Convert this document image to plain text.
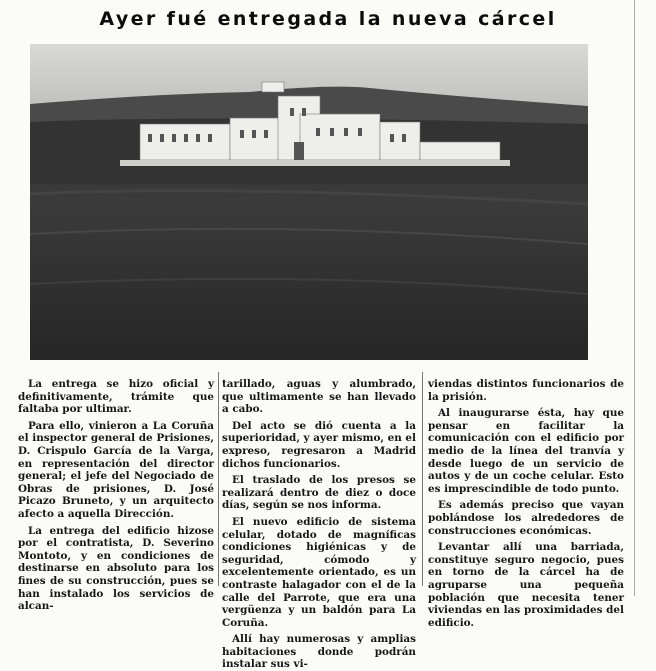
Ayer fué entregada la nueva cárcel

La entrega se hizo oficial y definitivamente, trámite que faltaba por ultimar.

Para ello, vinieron a La Coruña el inspector general de Prisiones, D. Crispulo García de la Varga, en representación del director general; el jefe del Negociado de Obras de prisiones, D. José Picazo Bruneto, y un arquitecto afecto a aquella Dirección.

La entrega del edificio hizose por el contratista, D. Severino Montoto, y en condiciones de destinarse en absoluto para los fines de su construcción, pues se han instalado los servicios de alcan-

tarillado, aguas y alumbrado, que ultimamente se han llevado a cabo.

Del acto se dió cuenta a la superioridad, y ayer mismo, en el expreso, regresaron a Madrid dichos funcionarios.

El traslado de los presos se realizará dentro de diez o doce días, según se nos informa.

El nuevo edificio de sistema celular, dotado de magníficas condiciones higiénicas y de seguridad, cómodo y excelentemente orientado, es un contraste halagador con el de la calle del Parrote, que era una vergüenza y un baldón para La Coruña.

Allí hay numerosas y amplias habitaciones donde podrán instalar sus vi-

viendas distintos funcionarios de la prisión.

Al inaugurarse ésta, hay que pensar en facilitar la comunicación con el edificio por medio de la línea del tranvía y desde luego de un servicio de autos y de un coche celular. Esto es imprescindible de todo punto.

Es además preciso que vayan poblándose los alrededores de construcciones económicas.

Levantar allí una barriada, constituye seguro negocio, pues en torno de la cárcel ha de agruparse una pequeña población que necesita tener viviendas en las proximidades del edificio.
